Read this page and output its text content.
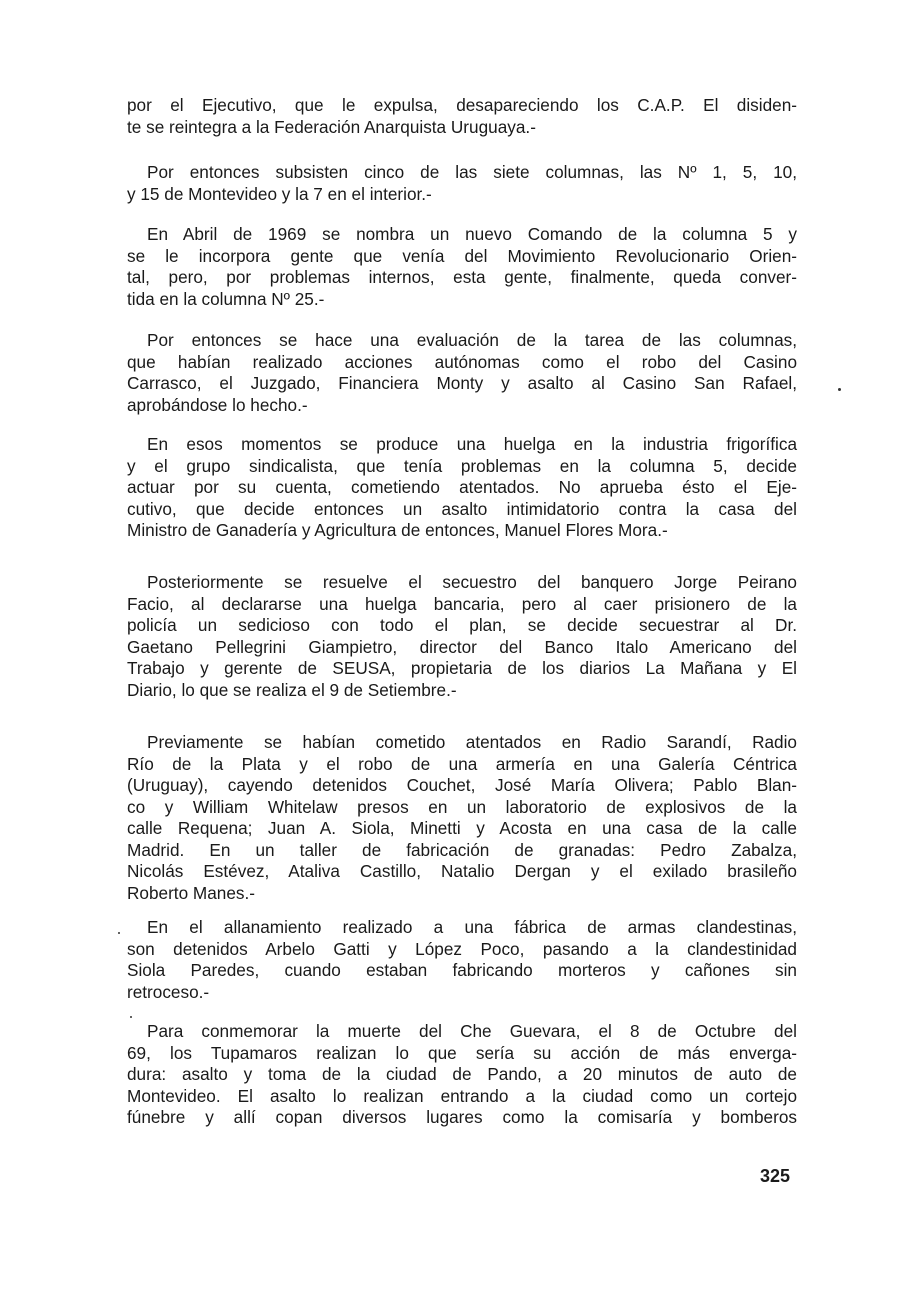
por el Ejecutivo, que le expulsa, desapareciendo los C.A.P. El disiden-
te se reintegra a la Federación Anarquista Uruguaya.-
Por entonces subsisten cinco de las siete columnas, las Nº 1, 5, 10,
y 15 de Montevideo y la 7 en el interior.-
En Abril de 1969 se nombra un nuevo Comando de la columna 5 y
se le incorpora gente que venía del Movimiento Revolucionario Orien-
tal, pero, por problemas internos, esta gente, finalmente, queda conver-
tida en la columna Nº 25.-
Por entonces se hace una evaluación de la tarea de las columnas,
que habían realizado acciones autónomas como el robo del Casino
Carrasco, el Juzgado, Financiera Monty y asalto al Casino San Rafael,
aprobándose lo hecho.-
En esos momentos se produce una huelga en la industria frigorífica
y el grupo sindicalista, que tenía problemas en la columna 5, decide
actuar por su cuenta, cometiendo atentados. No aprueba ésto el Eje-
cutivo, que decide entonces un asalto intimidatorio contra la casa del
Ministro de Ganadería y Agricultura de entonces, Manuel Flores Mora.-
Posteriormente se resuelve el secuestro del banquero Jorge Peirano
Facio, al declararse una huelga bancaria, pero al caer prisionero de la
policía un sedicioso con todo el plan, se decide secuestrar al Dr.
Gaetano Pellegrini Giampietro, director del Banco Italo Americano del
Trabajo y gerente de SEUSA, propietaria de los diarios La Mañana y El
Diario, lo que se realiza el 9 de Setiembre.-
Previamente se habían cometido atentados en Radio Sarandí, Radio
Río de la Plata y el robo de una armería en una Galería Céntrica
(Uruguay), cayendo detenidos Couchet, José María Olivera; Pablo Blan-
co y William Whitelaw presos en un laboratorio de explosivos de la
calle Requena; Juan A. Siola, Minetti y Acosta en una casa de la calle
Madrid. En un taller de fabricación de granadas: Pedro Zabalza,
Nicolás Estévez, Ataliva Castillo, Natalio Dergan y el exilado brasileño
Roberto Manes.-
En el allanamiento realizado a una fábrica de armas clandestinas,
son detenidos Arbelo Gatti y López Poco, pasando a la clandestinidad
Siola Paredes, cuando estaban fabricando morteros y cañones sin
retroceso.-
Para conmemorar la muerte del Che Guevara, el 8 de Octubre del
69, los Tupamaros realizan lo que sería su acción de más enverga-
dura: asalto y toma de la ciudad de Pando, a 20 minutos de auto de
Montevideo. El asalto lo realizan entrando a la ciudad como un cortejo
fúnebre y allí copan diversos lugares como la comisaría y bomberos
325
